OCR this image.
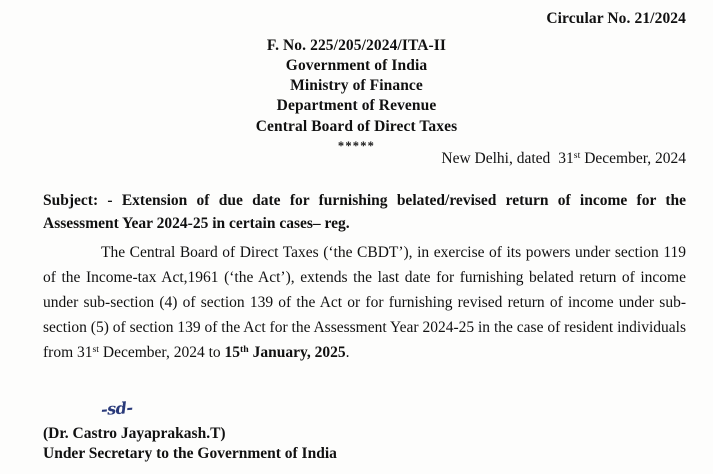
Circular No. 21/2024
F. No. 225/205/2024/ITA-II
Government of India
Ministry of Finance
Department of Revenue
Central Board of Direct Taxes
*****
New Delhi, dated 31st December, 2024
Subject: - Extension of due date for furnishing belated/revised return of income for the Assessment Year 2024-25 in certain cases– reg.
The Central Board of Direct Taxes (‘the CBDT’), in exercise of its powers under section 119 of the Income-tax Act,1961 (‘the Act’), extends the last date for furnishing belated return of income under sub-section (4) of section 139 of the Act or for furnishing revised return of income under sub-section (5) of section 139 of the Act for the Assessment Year 2024-25 in the case of resident individuals from 31st December, 2024 to 15th January, 2025.
-sd-
(Dr. Castro Jayaprakash.T)
Under Secretary to the Government of India
